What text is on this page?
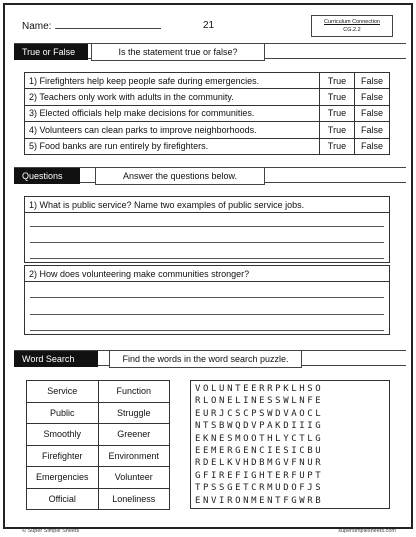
Name:	21	Curriculum Connection
CG.2.2
True or False	Is the statement true or false?
1) Firefighters help keep people safe during emergencies.	True	False
2) Teachers only work with adults in the community.	True	False
3) Elected officials help make decisions for communities.	True	False
4) Volunteers can clean parks to improve neighborhoods.	True	False
5) Food banks are run entirely by firefighters.	True	False
Questions	Answer the questions below.
1) What is public service? Name two examples of public service jobs.
2) How does volunteering make communities stronger?
Word Search	Find the words in the word search puzzle.
Service	Function
Public	Struggle
Smoothly	Greener
Firefighter	Environment
Emergencies	Volunteer
Official	Loneliness
VOLUNTEERRPKLHSO
RLONELINESSWLNFE
EURJCSCPSWDVAOCL
NTSBWQDVPAKDIIIG
EKNESMOOTHLYCTLG
EEMERGENCIESICBU
RDELKVHDBMGVFNUR
GFIREFIGHTERFUPT
TPSSGETCRMUDOFJS
ENVIRONMENTFGWRB
© Super Simple Sheets	supersimplesheets.com
